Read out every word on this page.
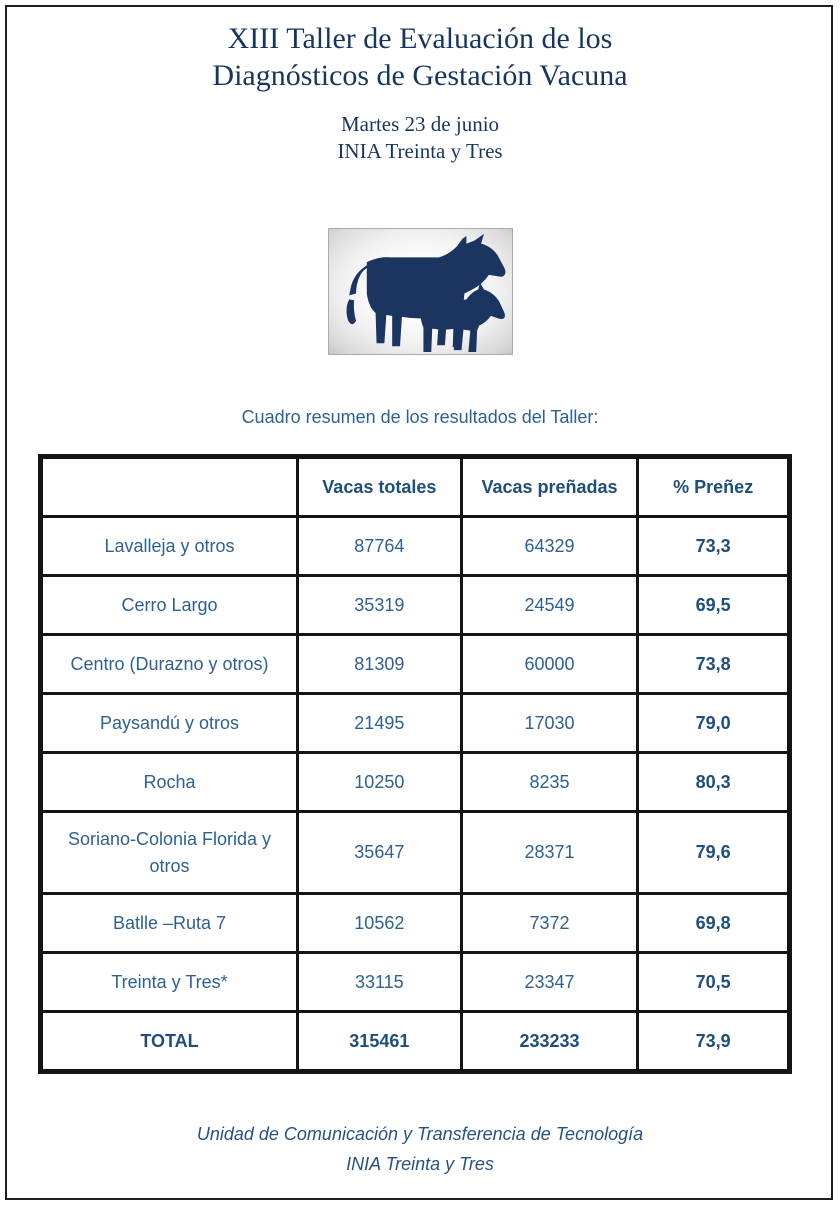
XIII Taller de Evaluación de los
Diagnósticos de Gestación Vacuna
Martes 23 de junio
INIA Treinta y Tres
Cuadro resumen de los resultados del Taller:
	Vacas totales	Vacas preñadas	% Preñez
Lavalleja y otros	87764	64329	73,3
Cerro Largo	35319	24549	69,5
Centro (Durazno y otros)	81309	60000	73,8
Paysandú y otros	21495	17030	79,0
Rocha	10250	8235	80,3
Soriano-Colonia Florida y otros	35647	28371	79,6
Batlle –Ruta 7	10562	7372	69,8
Treinta y Tres*	33115	23347	70,5
TOTAL	315461	233233	73,9
Unidad de Comunicación y Transferencia de Tecnología
INIA Treinta y Tres
